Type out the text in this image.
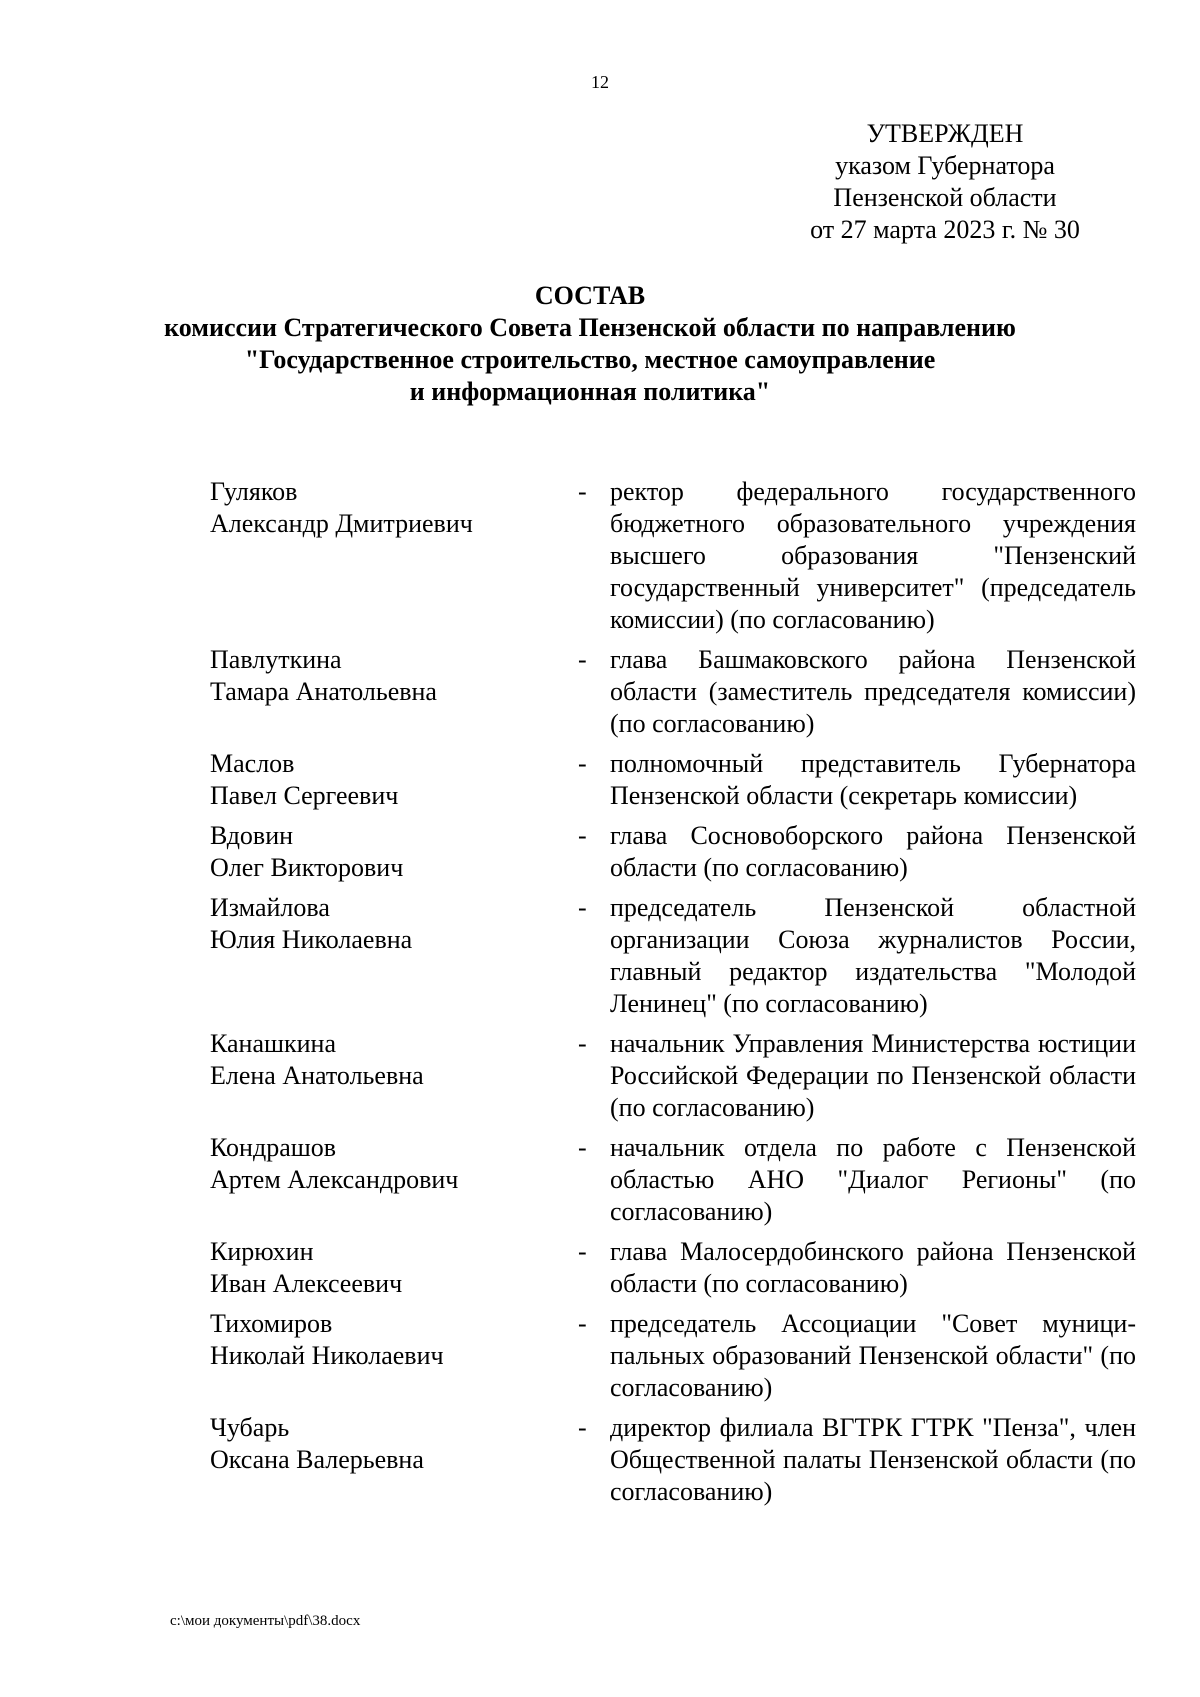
12
УТВЕРЖДЕН
указом Губернатора
Пензенской области
от 27 марта 2023 г. № 30
СОСТАВ
комиссии Стратегического Совета Пензенской области по направлению
"Государственное строительство, местное самоуправление
и информационная политика"
Гуляков
Александр Дмитриевич
- ректор федерального государственного бюджетного образовательного учреждения высшего образования "Пензенский государственный университет" (председатель комиссии) (по согласованию)
Павлуткина
Тамара Анатольевна
- глава Башмаковского района Пензенской области (заместитель председателя комиссии) (по согласованию)
Маслов
Павел Сергеевич
- полномочный представитель Губернатора Пензенской области (секретарь комиссии)
Вдовин
Олег Викторович
- глава Сосновоборского района Пензенской области (по согласованию)
Измайлова
Юлия Николаевна
- председатель Пензенской областной организации Союза журналистов России, главный редактор издательства "Молодой Ленинец" (по согласованию)
Канашкина
Елена Анатольевна
- начальник Управления Министерства юстиции Российской Федерации по Пензенской области (по согласованию)
Кондрашов
Артем Александрович
- начальник отдела по работе с Пензенской областью АНО "Диалог Регионы" (по согласованию)
Кирюхин
Иван Алексеевич
- глава Малосердобинского района Пензенской области (по согласованию)
Тихомиров
Николай Николаевич
- председатель Ассоциации "Совет муници-пальных образований Пензенской области" (по согласованию)
Чубарь
Оксана Валерьевна
- директор филиала ВГТРК ГТРК "Пенза", член Общественной палаты Пензенской области (по согласованию)
c:\мои документы\pdf\38.docx
